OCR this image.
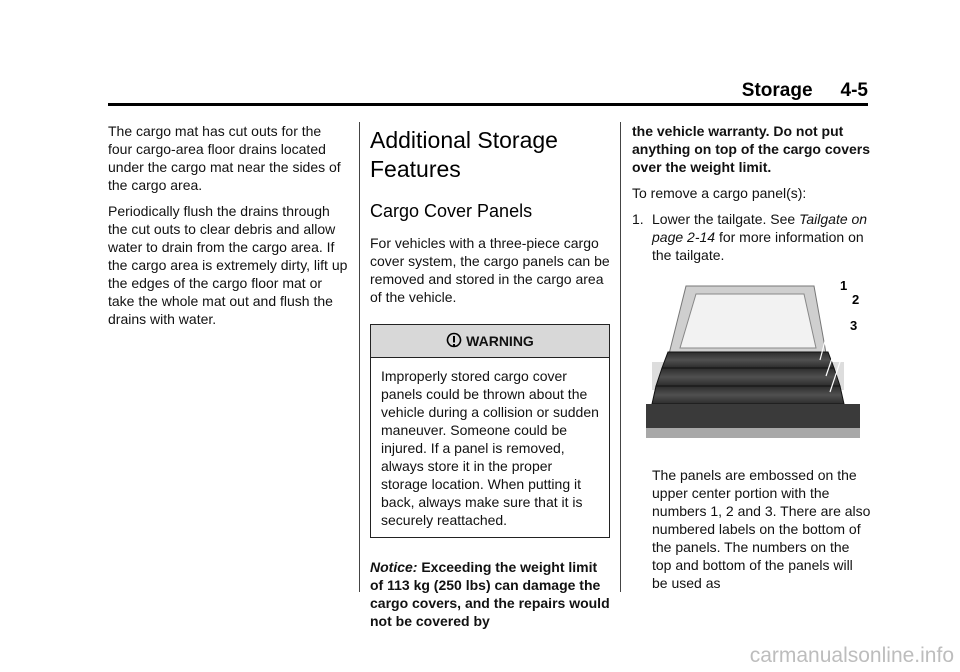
Storage 4-5

The cargo mat has cut outs for the four cargo-area floor drains located under the cargo mat near the sides of the cargo area.

Periodically flush the drains through the cut outs to clear debris and allow water to drain from the cargo area. If the cargo area is extremely dirty, lift up the edges of the cargo floor mat or take the whole mat out and flush the drains with water.

Additional Storage Features
Cargo Cover Panels

For vehicles with a three-piece cargo cover system, the cargo panels can be removed and stored in the cargo area of the vehicle.

WARNING
Improperly stored cargo cover panels could be thrown about the vehicle during a collision or sudden maneuver. Someone could be injured. If a panel is removed, always store it in the proper storage location. When putting it back, always make sure that it is securely reattached.

Notice: Exceeding the weight limit of 113 kg (250 lbs) can damage the cargo covers, and the repairs would not be covered by

the vehicle warranty. Do not put anything on top of the cargo covers over the weight limit.

To remove a cargo panel(s):

1. Lower the tailgate. See Tailgate on page 2-14 for more information on the tailgate.
1
2
3

The panels are embossed on the upper center portion with the numbers 1, 2 and 3. There are also numbered labels on the bottom of the panels. The numbers on the top and bottom of the panels will be used as

carmanualsonline.info
